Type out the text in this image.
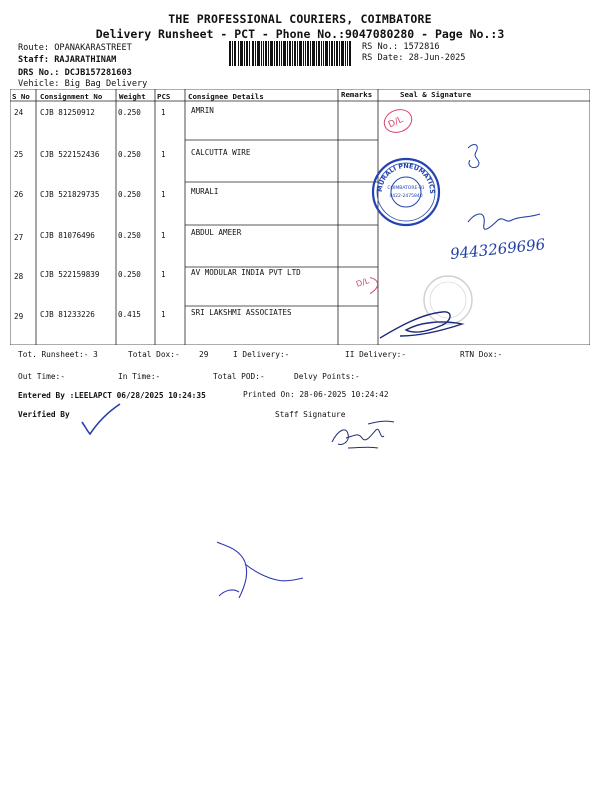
THE PROFESSIONAL COURIERS, COIMBATORE
Delivery Runsheet - PCT - Phone No.:9047080280 - Page No.:3
Route: OPANAKARASTREET
Staff: RAJARATHINAM
DRS No.: DCJB157281603
Vehicle: Big Bag Delivery
RS No.: 1572816
RS Date: 28-Jun-2025
S No Consignment No Weight PCS Consignee Details	Remarks	Seal & Signature
24 CJB 81250912	0.250	1	AMRIN
25 CJB 522152436 0.250	1	CALCUTTA WIRE
26 CJB 521829735 0.250	1	MURALI
27 CJB 81076496	0.250	1	ABDUL AMEER
28 CJB 522159839 0.250	1	AV MODULAR INDIA PVT LTD
29 CJB 81233226	0.415	1	SRI LAKSHMI ASSOCIATES
D/L
MURALI PNEUMATICS
COIMBATORE-01
0422-2475840
9443269696
D/L
Tot. Runsheet:- 3	Total Dox:- 29	I Delivery:-	II Delivery:-	RTN Dox:-
Out Time:-	In Time:-	Total POD:-	Delvy Points:-
Entered By :LEELAPCT 06/28/2025 10:24:35	Printed On: 28-06-2025 10:24:42
Verified By	Staff Signature
